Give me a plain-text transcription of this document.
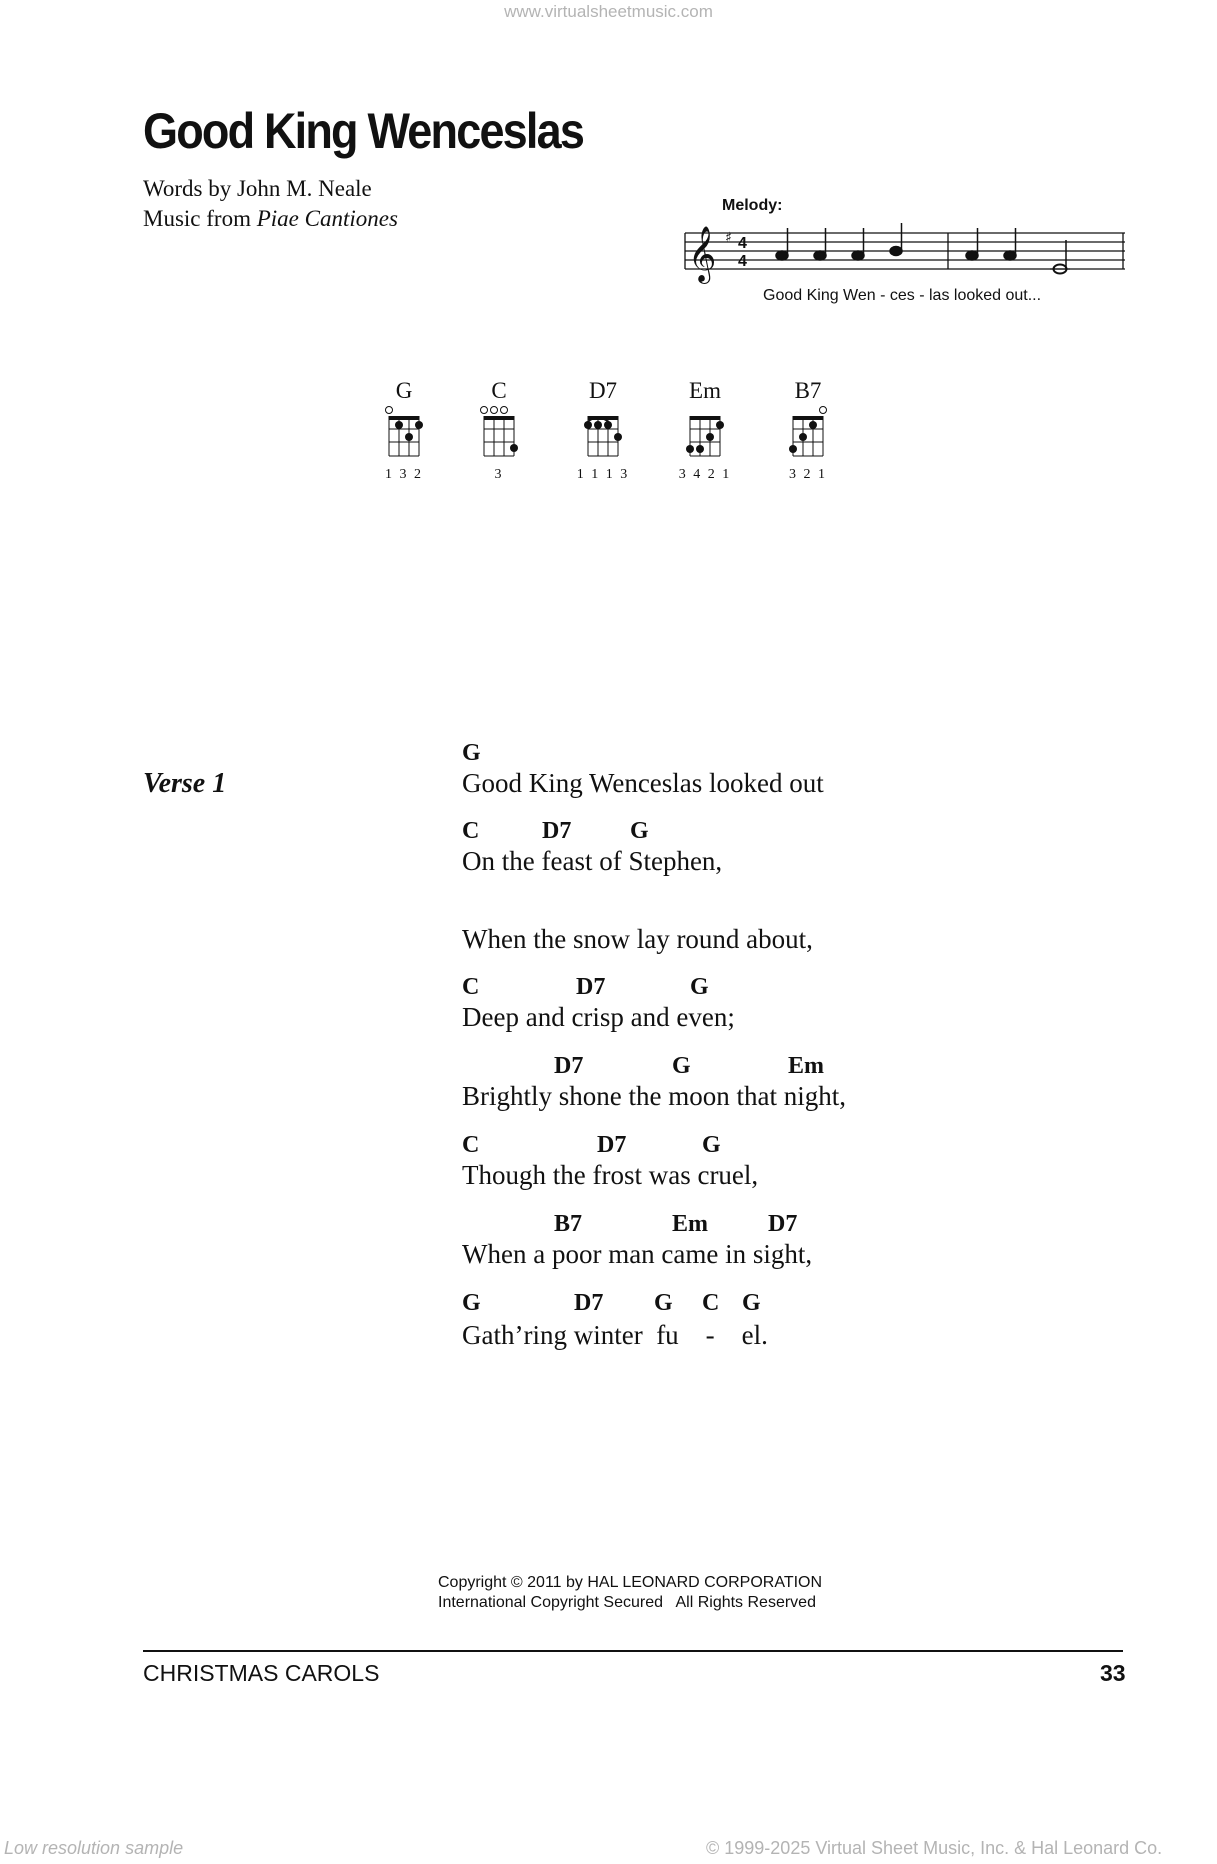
www.virtualsheetmusic.com
Good King Wenceslas
Words by John M. Neale
Music from Piae Cantiones
Melody:
𝄞 ♯ 4
4
Good King Wen - ces - las looked out...
G
1 3 2
C
3
D7
1 1 1 3
Em
3 4 2 1
B7
3 2 1
Verse 1
G
Good King Wenceslas looked out
C	D7 G
On the feast of Stephen,
When the snow lay round about,
C	D7	G
Deep and crisp and even;
D7	G	Em
Brightly shone the moon that night,
C	D7	G
Though the frost was cruel,
B7	Em	D7
When a poor man came in sight,
G	D7 G C G
Gath’ring winter  fu    -    el.
Copyright © 2011 by HAL LEONARD CORPORATION
International Copyright Secured   All Rights Reserved
CHRISTMAS CAROLS	33
Low resolution sample	© 1999-2025 Virtual Sheet Music, Inc. & Hal Leonard Co.
